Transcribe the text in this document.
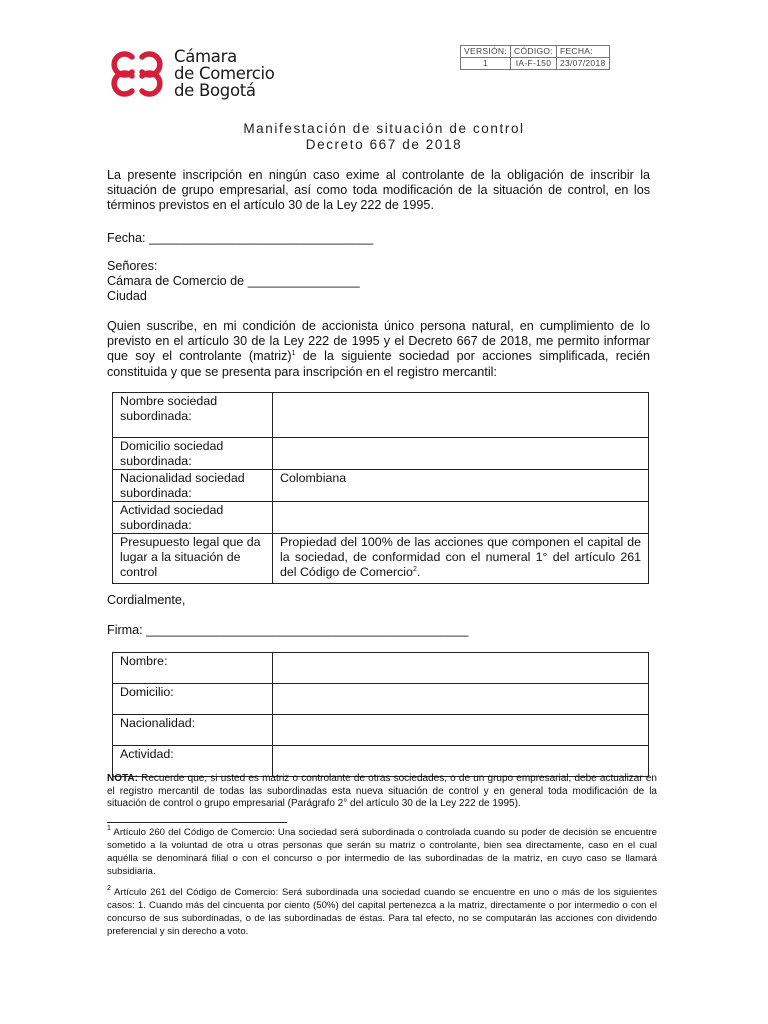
Cámara
de Comercio
de Bogotá
VERSIÓN:	CÓDIGO:	FECHA:
1	IA-F-150	23/07/2018
Manifestación de situación de control
Decreto 667 de 2018
La presente inscripción en ningún caso exime al controlante de la obligación de inscribir la situación de grupo empresarial, así como toda modificación de la situación de control, en los términos previstos en el artículo 30 de la Ley 222 de 1995.
Fecha: ________________________________
Señores:
Cámara de Comercio de ________________
Ciudad
Quien suscribe, en mi condición de accionista único persona natural, en cumplimiento de lo previsto en el artículo 30 de la Ley 222 de 1995 y el Decreto 667 de 2018, me permito informar que soy el controlante (matriz)$^1$ de la siguiente sociedad por acciones simplificada, recién constituida y que se presenta para inscripción en el registro mercantil:
Nombre sociedad subordinada:	
Domicilio sociedad subordinada:	
Nacionalidad sociedad subordinada:	Colombiana
Actividad sociedad subordinada:	
Presupuesto legal que da lugar a la situación de control	Propiedad del 100% de las acciones que componen el capital de la sociedad, de conformidad con el numeral 1° del artículo 261 del Código de Comercio$^2$.
Cordialmente,
Firma: ______________________________________________
Nombre:	
Domicilio:	
Nacionalidad:	
Actividad:	
NOTA: Recuerde que, si usted es matriz o controlante de otras sociedades, o de un grupo empresarial, debe actualizar en el registro mercantil de todas las subordinadas esta nueva situación de control y en general toda modificación de la situación de control o grupo empresarial (Parágrafo 2° del artículo 30 de la Ley 222 de 1995).
$^1$ Artículo 260 del Código de Comercio: Una sociedad será subordinada o controlada cuando su poder de decisión se encuentre sometido a la voluntad de otra u otras personas que serán su matriz o controlante, bien sea directamente, caso en el cual aquélla se denominará filial o con el concurso o por intermedio de las subordinadas de la matriz, en cuyo caso se llamará subsidiaria.
$^2$ Artículo 261 del Código de Comercio: Será subordinada una sociedad cuando se encuentre en uno o más de los siguientes casos: 1. Cuando más del cincuenta por ciento (50%) del capital pertenezca a la matriz, directamente o por intermedio o con el concurso de sus subordinadas, o de las subordinadas de éstas. Para tal efecto, no se computarán las acciones con dividendo preferencial y sin derecho a voto.
